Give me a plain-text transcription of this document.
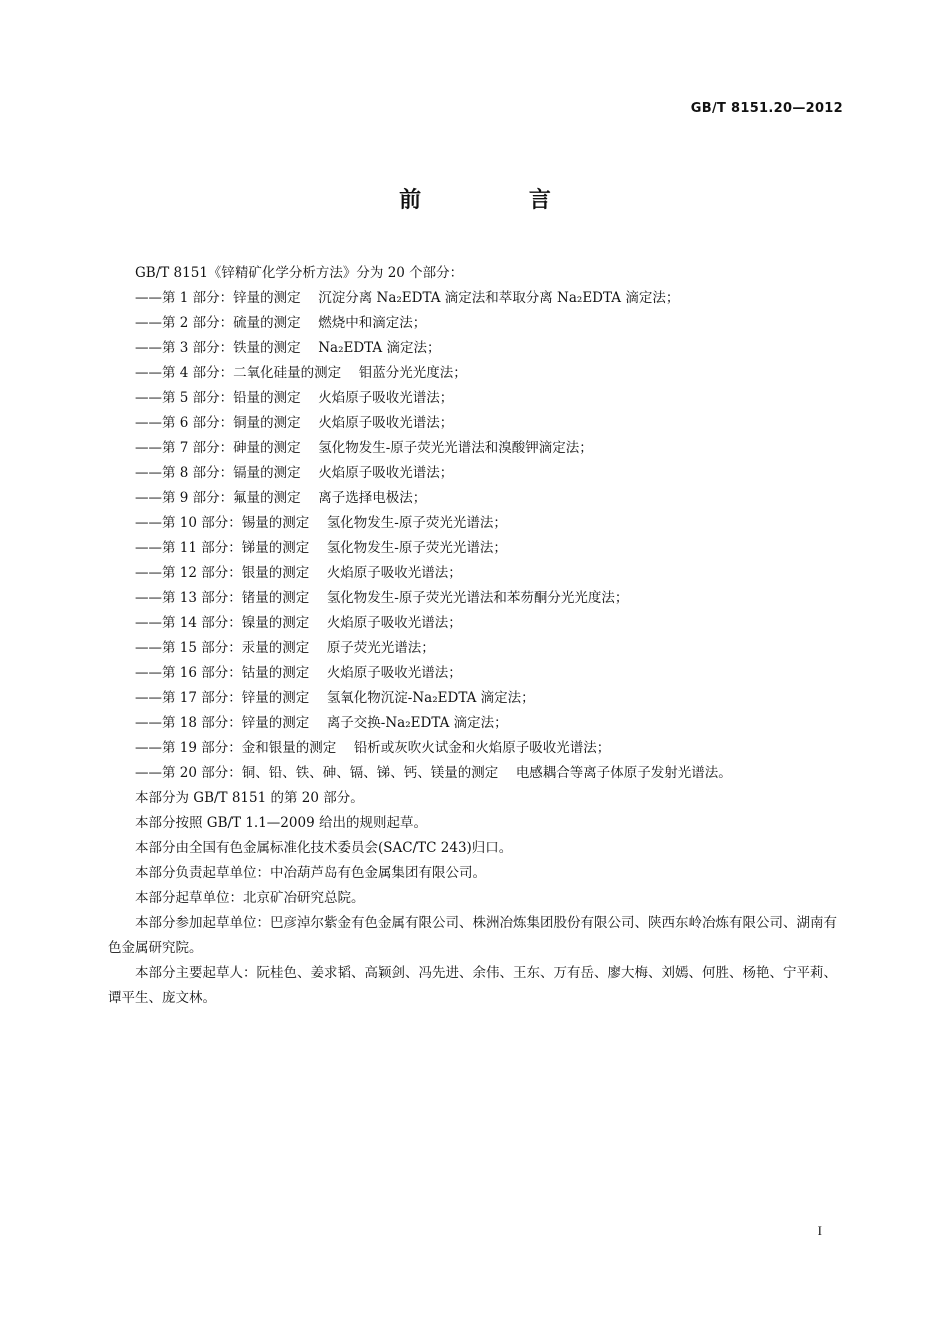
GB/T 8151.20—2012
前 言

GB/T 8151《锌精矿化学分析方法》分为 20 个部分：

——第 1 部分：锌量的测定 沉淀分离 Na₂EDTA 滴定法和萃取分离 Na₂EDTA 滴定法；

——第 2 部分：硫量的测定 燃烧中和滴定法；

——第 3 部分：铁量的测定 Na₂EDTA 滴定法；

——第 4 部分：二氧化硅量的测定 钼蓝分光光度法；

——第 5 部分：铅量的测定 火焰原子吸收光谱法；

——第 6 部分：铜量的测定 火焰原子吸收光谱法；

——第 7 部分：砷量的测定 氢化物发生-原子荧光光谱法和溴酸钾滴定法；

——第 8 部分：镉量的测定 火焰原子吸收光谱法；

——第 9 部分：氟量的测定 离子选择电极法；

——第 10 部分：锡量的测定 氢化物发生-原子荧光光谱法；

——第 11 部分：锑量的测定 氢化物发生-原子荧光光谱法；

——第 12 部分：银量的测定 火焰原子吸收光谱法；

——第 13 部分：锗量的测定 氢化物发生-原子荧光光谱法和苯芴酮分光光度法；

——第 14 部分：镍量的测定 火焰原子吸收光谱法；

——第 15 部分：汞量的测定 原子荧光光谱法；

——第 16 部分：钴量的测定 火焰原子吸收光谱法；

——第 17 部分：锌量的测定 氢氧化物沉淀-Na₂EDTA 滴定法；

——第 18 部分：锌量的测定 离子交换-Na₂EDTA 滴定法；

——第 19 部分：金和银量的测定 铅析或灰吹火试金和火焰原子吸收光谱法；

——第 20 部分：铜、铅、铁、砷、镉、锑、钙、镁量的测定 电感耦合等离子体原子发射光谱法。

本部分为 GB/T 8151 的第 20 部分。

本部分按照 GB/T 1.1—2009 给出的规则起草。

本部分由全国有色金属标准化技术委员会(SAC/TC 243)归口。

本部分负责起草单位：中冶葫芦岛有色金属集团有限公司。

本部分起草单位：北京矿冶研究总院。

本部分参加起草单位：巴彦淖尔紫金有色金属有限公司、株洲冶炼集团股份有限公司、陕西东岭冶炼有限公司、湖南有色金属研究院。

本部分主要起草人：阮桂色、姜求韬、高颖剑、冯先进、余伟、王东、万有岳、廖大梅、刘嫣、何胜、杨艳、宁平莉、谭平生、庞文林。

I
